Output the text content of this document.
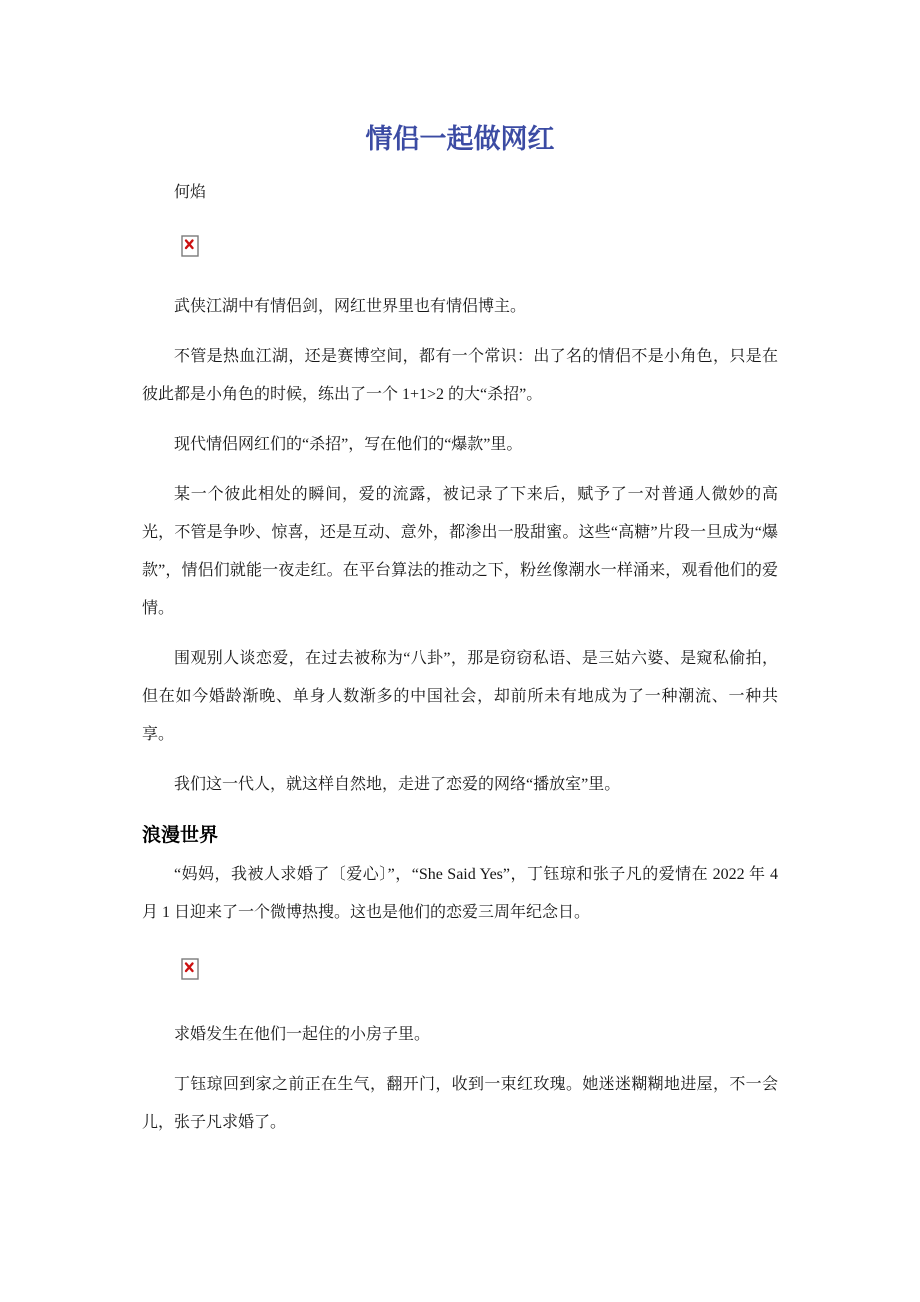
情侣一起做网红

何焰

武侠江湖中有情侣剑，网红世界里也有情侣博主。

不管是热血江湖，还是赛博空间，都有一个常识：出了名的情侣不是小角色，只是在彼此都是小角色的时候，练出了一个 1+1>2 的大“杀招”。

现代情侣网红们的“杀招”，写在他们的“爆款”里。

某一个彼此相处的瞬间，爱的流露，被记录了下来后，赋予了一对普通人微妙的高光，不管是争吵、惊喜，还是互动、意外，都渗出一股甜蜜。这些“高糖”片段一旦成为“爆款”，情侣们就能一夜走红。在平台算法的推动之下，粉丝像潮水一样涌来，观看他们的爱情。

围观别人谈恋爱，在过去被称为“八卦”，那是窃窃私语、是三姑六婆、是窥私偷拍，但在如今婚龄渐晚、单身人数渐多的中国社会，却前所未有地成为了一种潮流、一种共享。

我们这一代人，就这样自然地，走进了恋爱的网络“播放室”里。

浪漫世界

“妈妈，我被人求婚了〔爱心〕”，“She Said Yes”，丁钰琼和张子凡的爱情在 2022 年 4 月 1 日迎来了一个微博热搜。这也是他们的恋爱三周年纪念日。

求婚发生在他们一起住的小房子里。

丁钰琼回到家之前正在生气，翻开门，收到一束红玫瑰。她迷迷糊糊地进屋，不一会儿，张子凡求婚了。
